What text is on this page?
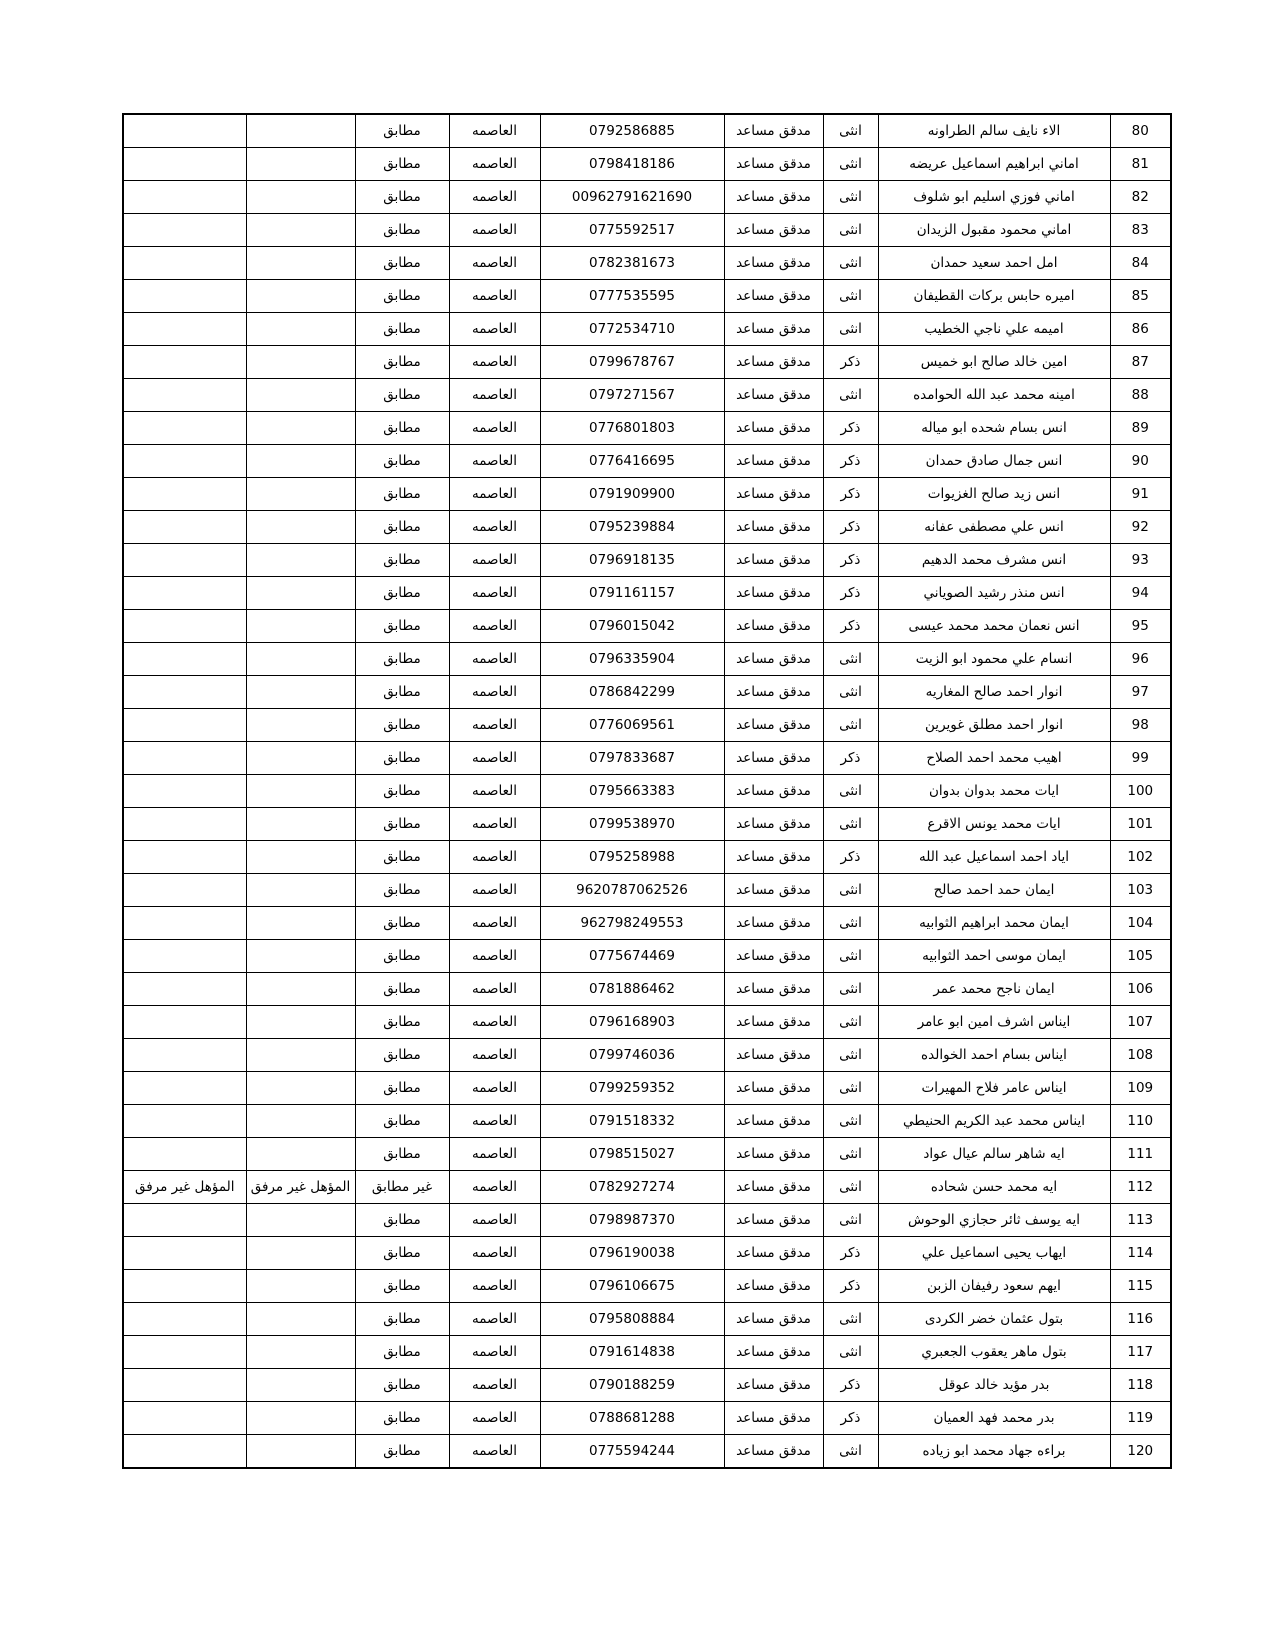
80	الاء نايف سالم الطراونه	انثى	مدقق مساعد	0792586885	العاصمه	مطابق		
81	اماني ابراهيم اسماعيل عريضه	انثى	مدقق مساعد	0798418186	العاصمه	مطابق		
82	اماني فوزي اسليم ابو شلوف	انثى	مدقق مساعد	00962791621690	العاصمه	مطابق		
83	اماني محمود مقبول الزيدان	انثى	مدقق مساعد	0775592517	العاصمه	مطابق		
84	امل احمد سعيد حمدان	انثى	مدقق مساعد	0782381673	العاصمه	مطابق		
85	اميره حابس بركات القطيفان	انثى	مدقق مساعد	0777535595	العاصمه	مطابق		
86	اميمه علي ناجي الخطيب	انثى	مدقق مساعد	0772534710	العاصمه	مطابق		
87	امين خالد صالح ابو خميس	ذكر	مدقق مساعد	0799678767	العاصمه	مطابق		
88	امينه محمد عبد الله الحوامده	انثى	مدقق مساعد	0797271567	العاصمه	مطابق		
89	انس بسام شحده ابو مياله	ذكر	مدقق مساعد	0776801803	العاصمه	مطابق		
90	انس جمال صادق حمدان	ذكر	مدقق مساعد	0776416695	العاصمه	مطابق		
91	انس زيد صالح الغزيوات	ذكر	مدقق مساعد	0791909900	العاصمه	مطابق		
92	انس علي مصطفى عفانه	ذكر	مدقق مساعد	0795239884	العاصمه	مطابق		
93	انس مشرف محمد الدهيم	ذكر	مدقق مساعد	0796918135	العاصمه	مطابق		
94	انس منذر رشيد الصوياني	ذكر	مدقق مساعد	0791161157	العاصمه	مطابق		
95	انس نعمان محمد محمد عيسى	ذكر	مدقق مساعد	0796015042	العاصمه	مطابق		
96	انسام علي محمود ابو الزيت	انثى	مدقق مساعد	0796335904	العاصمه	مطابق		
97	انوار احمد صالح المغاريه	انثى	مدقق مساعد	0786842299	العاصمه	مطابق		
98	انوار احمد مطلق غويرين	انثى	مدقق مساعد	0776069561	العاصمه	مطابق		
99	اهيب محمد احمد الصلاح	ذكر	مدقق مساعد	0797833687	العاصمه	مطابق		
100	ايات محمد بدوان بدوان	انثى	مدقق مساعد	0795663383	العاصمه	مطابق		
101	ايات محمد يونس الاقرع	انثى	مدقق مساعد	0799538970	العاصمه	مطابق		
102	اياد احمد اسماعيل عبد الله	ذكر	مدقق مساعد	0795258988	العاصمه	مطابق		
103	ايمان حمد احمد صالح	انثى	مدقق مساعد	9620787062526	العاصمه	مطابق		
104	ايمان محمد ابراهيم الثوابيه	انثى	مدقق مساعد	962798249553	العاصمه	مطابق		
105	ايمان موسى احمد الثوابيه	انثى	مدقق مساعد	0775674469	العاصمه	مطابق		
106	ايمان ناجح محمد عمر	انثى	مدقق مساعد	0781886462	العاصمه	مطابق		
107	ايناس اشرف امين ابو عامر	انثى	مدقق مساعد	0796168903	العاصمه	مطابق		
108	ايناس بسام احمد الخوالده	انثى	مدقق مساعد	0799746036	العاصمه	مطابق		
109	ايناس عامر فلاح المهيرات	انثى	مدقق مساعد	0799259352	العاصمه	مطابق		
110	ايناس محمد عبد الكريم الحنيطي	انثى	مدقق مساعد	0791518332	العاصمه	مطابق		
111	ايه شاهر سالم عيال عواد	انثى	مدقق مساعد	0798515027	العاصمه	مطابق		
112	ايه محمد حسن شحاده	انثى	مدقق مساعد	0782927274	العاصمه	غير مطابق	المؤهل غير مرفق	المؤهل غير مرفق
113	ايه يوسف ثائر حجازي الوحوش	انثى	مدقق مساعد	0798987370	العاصمه	مطابق		
114	ايهاب يحيى اسماعيل علي	ذكر	مدقق مساعد	0796190038	العاصمه	مطابق		
115	ايهم سعود رفيفان الزبن	ذكر	مدقق مساعد	0796106675	العاصمه	مطابق		
116	بتول عثمان خضر الكردى	انثى	مدقق مساعد	0795808884	العاصمه	مطابق		
117	بتول ماهر يعقوب الجعبري	انثى	مدقق مساعد	0791614838	العاصمه	مطابق		
118	بدر مؤيد خالد عوقل	ذكر	مدقق مساعد	0790188259	العاصمه	مطابق		
119	بدر محمد فهد العميان	ذكر	مدقق مساعد	0788681288	العاصمه	مطابق		
120	براءه جهاد محمد ابو زياده	انثى	مدقق مساعد	0775594244	العاصمه	مطابق		
